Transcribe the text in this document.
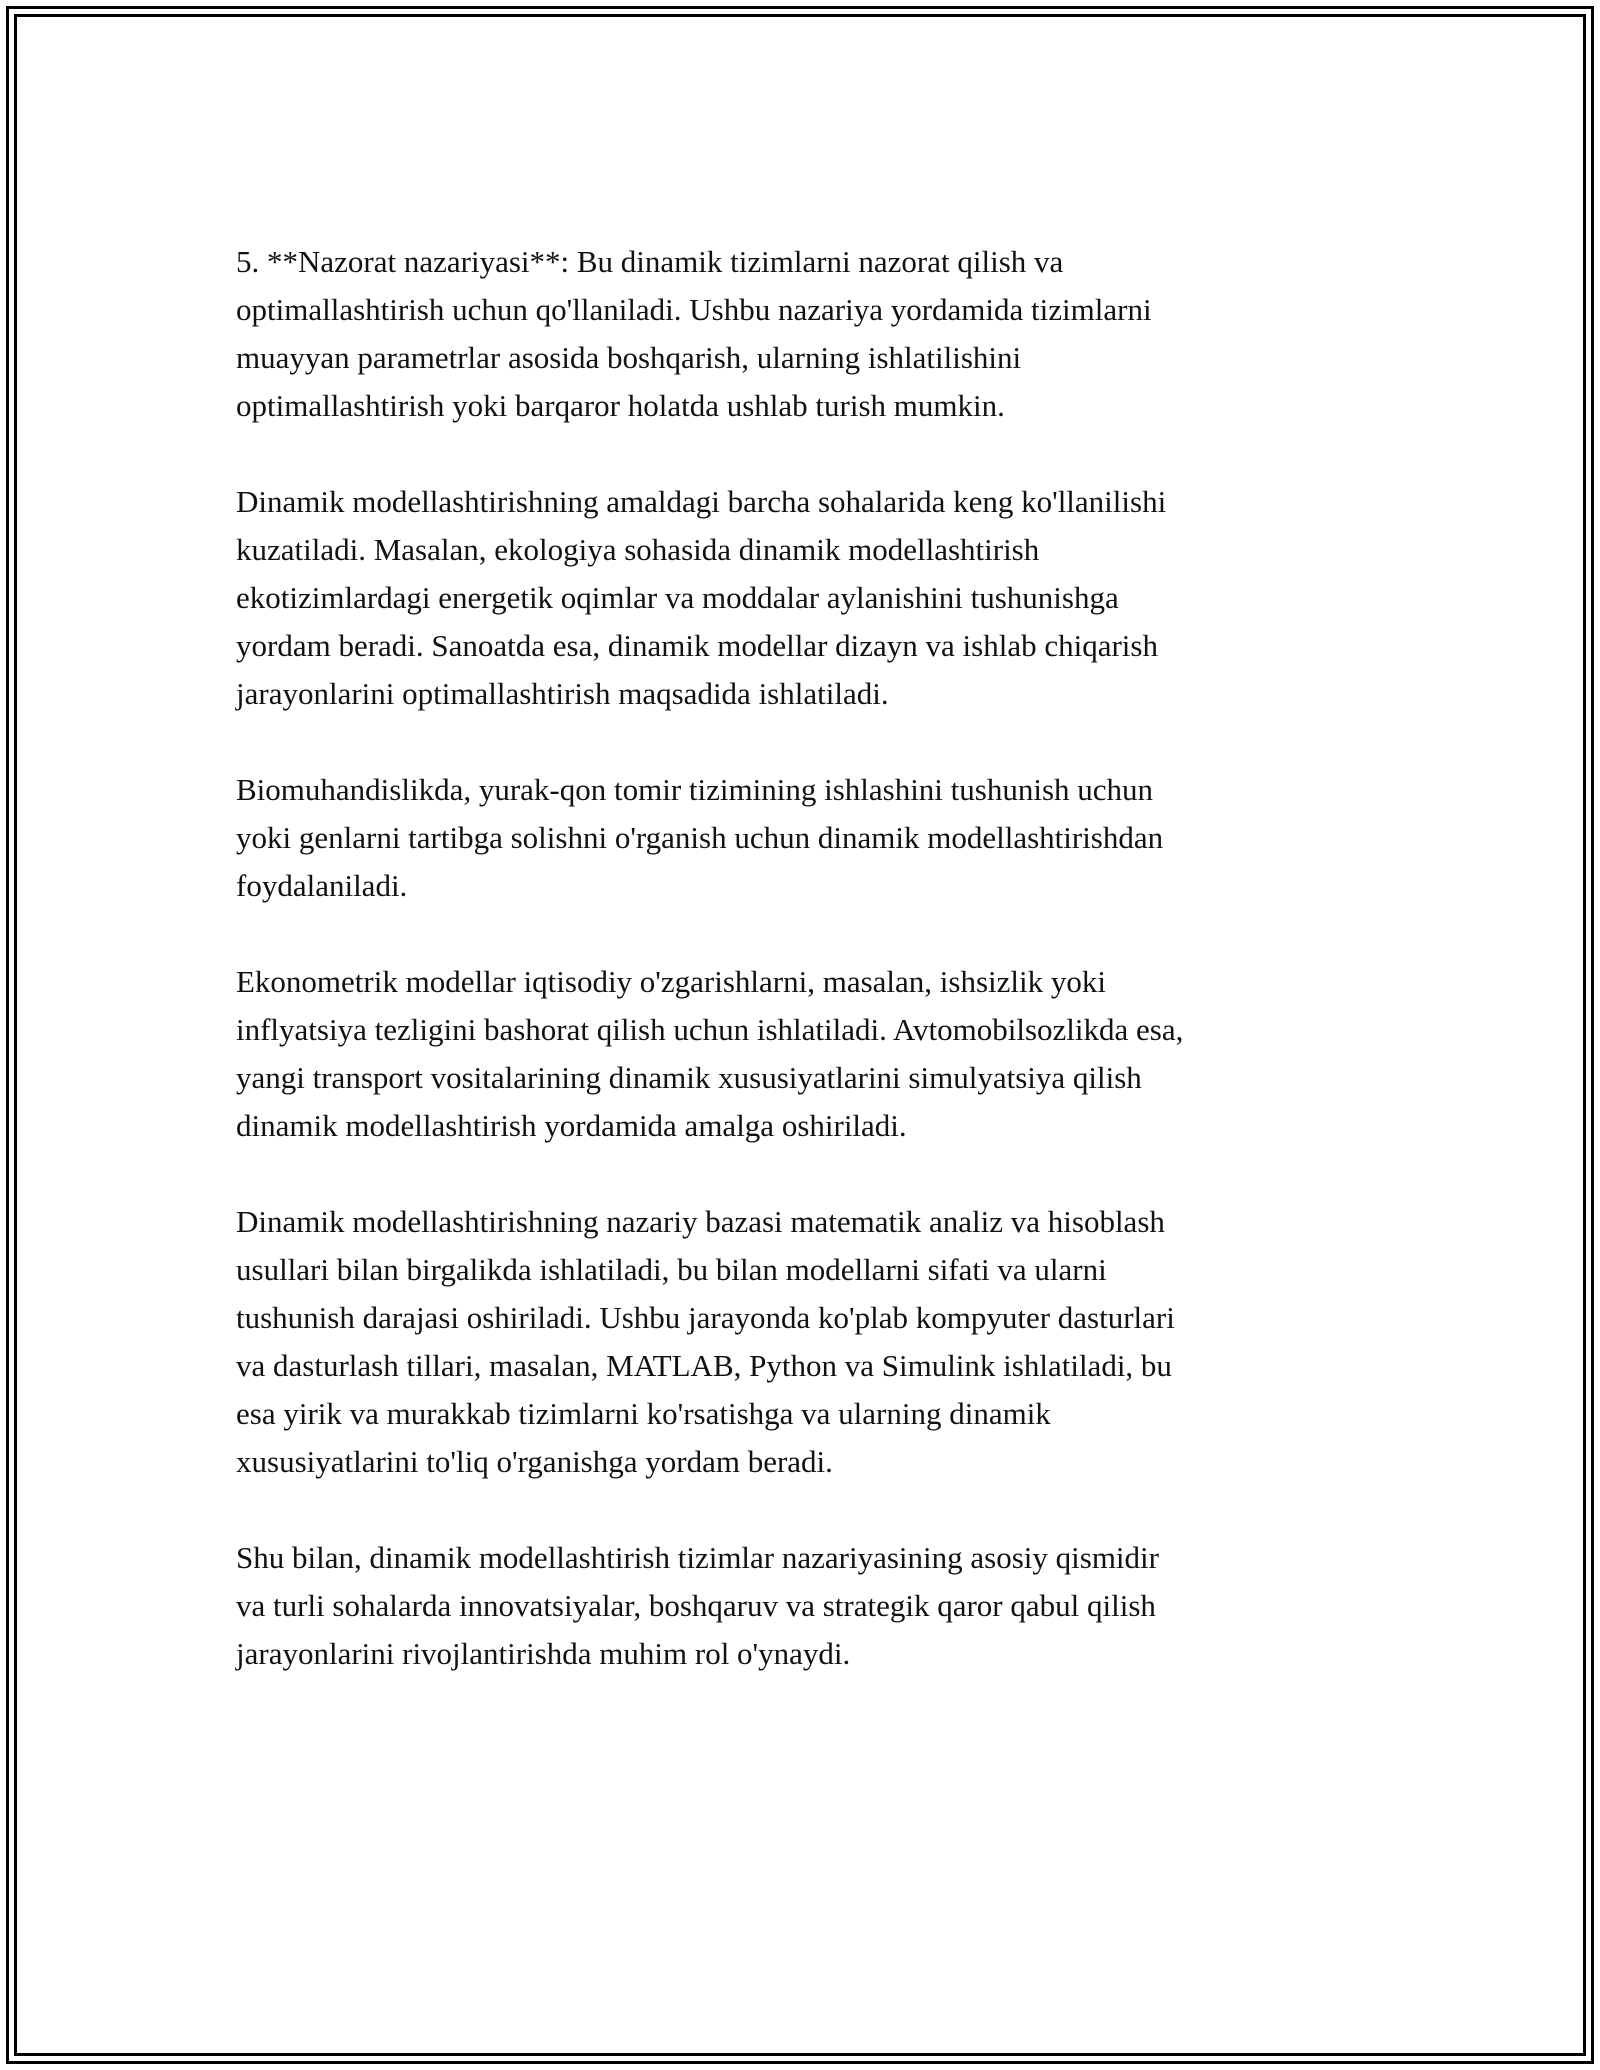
5. **Nazorat nazariyasi**: Bu dinamik tizimlarni nazorat qilish va
optimallashtirish uchun qo'llaniladi. Ushbu nazariya yordamida tizimlarni
muayyan parametrlar asosida boshqarish, ularning ishlatilishini
optimallashtirish yoki barqaror holatda ushlab turish mumkin.

Dinamik modellashtirishning amaldagi barcha sohalarida keng ko'llanilishi
kuzatiladi. Masalan, ekologiya sohasida dinamik modellashtirish
ekotizimlardagi energetik oqimlar va moddalar aylanishini tushunishga
yordam beradi. Sanoatda esa, dinamik modellar dizayn va ishlab chiqarish
jarayonlarini optimallashtirish maqsadida ishlatiladi.

Biomuhandislikda, yurak-qon tomir tizimining ishlashini tushunish uchun
yoki genlarni tartibga solishni o'rganish uchun dinamik modellashtirishdan
foydalaniladi.

Ekonometrik modellar iqtisodiy o'zgarishlarni, masalan, ishsizlik yoki
inflyatsiya tezligini bashorat qilish uchun ishlatiladi. Avtomobilsozlikda esa,
yangi transport vositalarining dinamik xususiyatlarini simulyatsiya qilish
dinamik modellashtirish yordamida amalga oshiriladi.

Dinamik modellashtirishning nazariy bazasi matematik analiz va hisoblash
usullari bilan birgalikda ishlatiladi, bu bilan modellarni sifati va ularni
tushunish darajasi oshiriladi. Ushbu jarayonda ko'plab kompyuter dasturlari
va dasturlash tillari, masalan, MATLAB, Python va Simulink ishlatiladi, bu
esa yirik va murakkab tizimlarni ko'rsatishga va ularning dinamik
xususiyatlarini to'liq o'rganishga yordam beradi.

Shu bilan, dinamik modellashtirish tizimlar nazariyasining asosiy qismidir
va turli sohalarda innovatsiyalar, boshqaruv va strategik qaror qabul qilish
jarayonlarini rivojlantirishda muhim rol o'ynaydi.
